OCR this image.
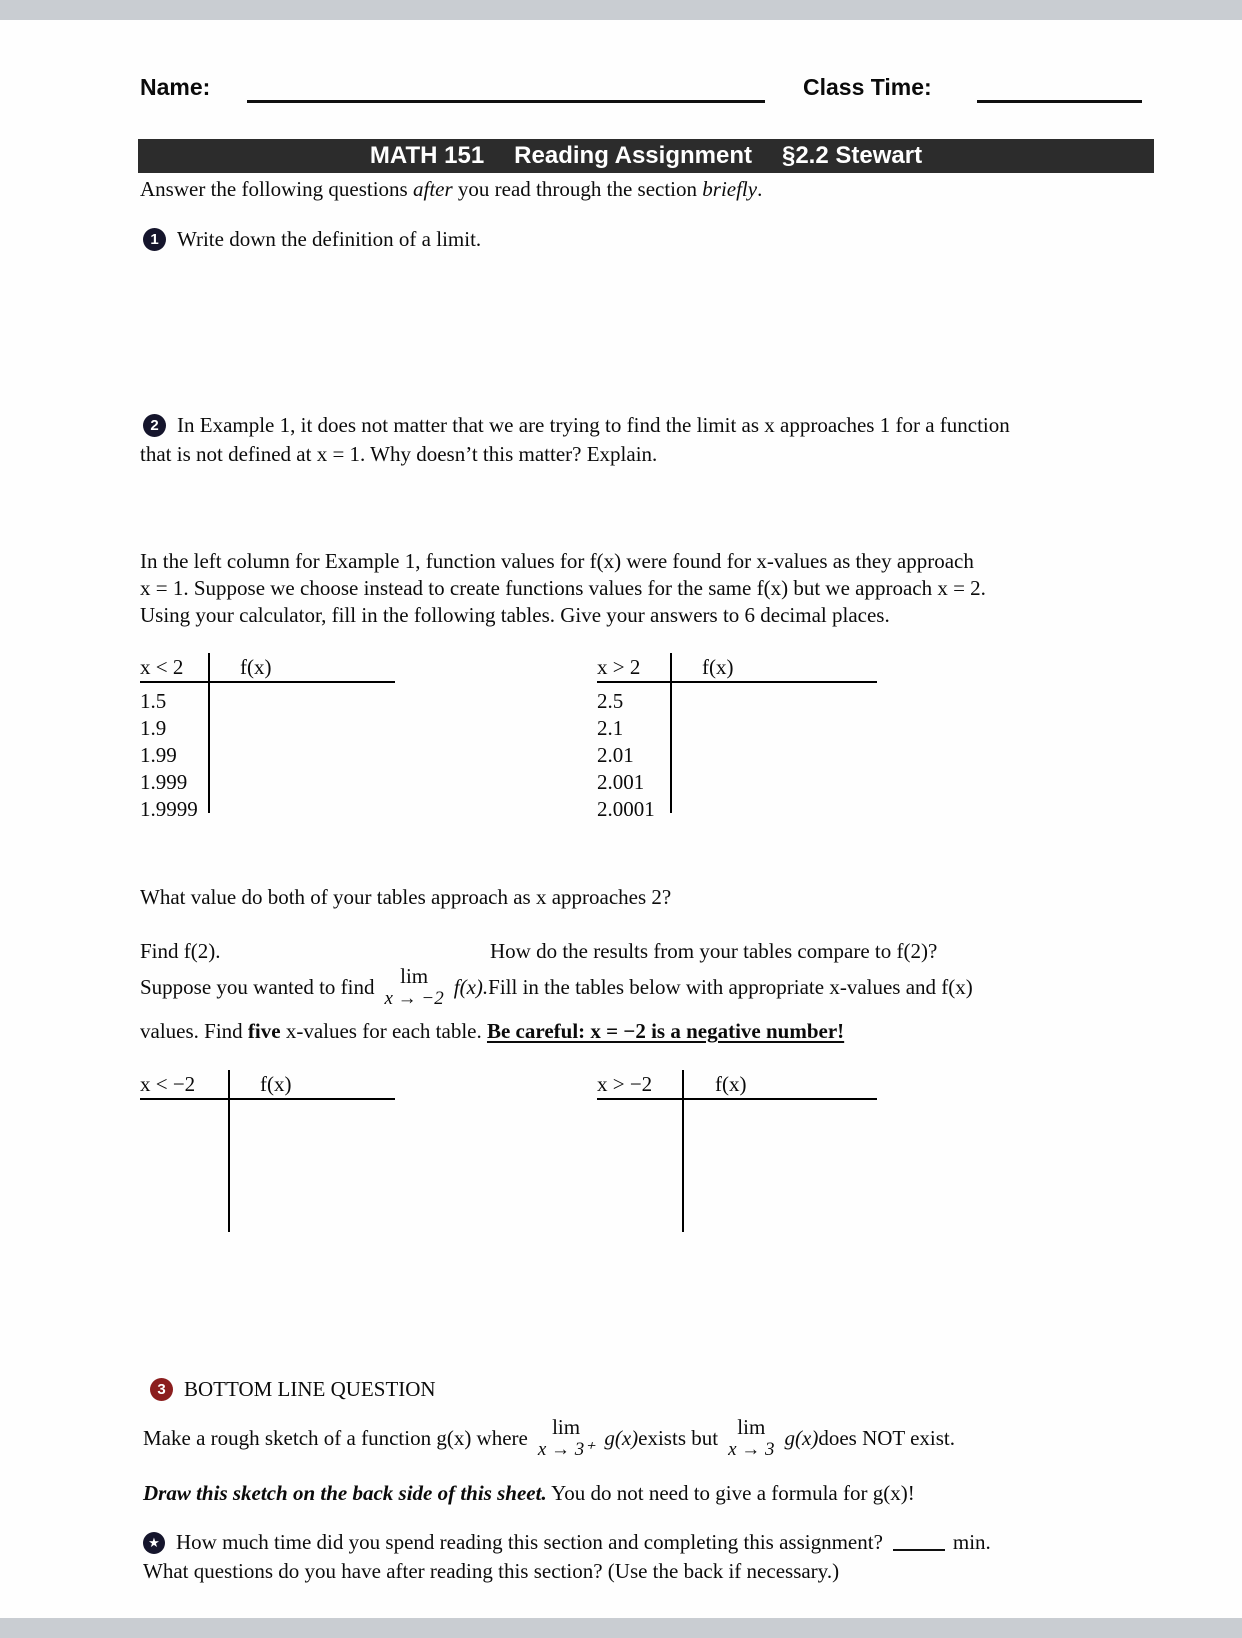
Name:	Class Time:
MATH 151 Reading Assignment §2.2 Stewart
Answer the following questions after you read through the section briefly.
1 Write down the definition of a limit.
2 In Example 1, it does not matter that we are trying to find the limit as x approaches 1 for a function
that is not defined at x = 1. Why doesn’t this matter? Explain.
In the left column for Example 1, function values for f(x) were found for x-values as they approach
x = 1. Suppose we choose instead to create functions values for the same f(x) but we approach x = 2.
Using your calculator, fill in the following tables. Give your answers to 6 decimal places.
x < 2	f(x)
1.5
1.9
1.99
1.999
1.9999
x > 2	f(x)
2.5
2.1
2.01
2.001
2.0001
What value do both of your tables approach as x approaches 2?
Find f(2).	How do the results from your tables compare to f(2)?
Suppose you wanted to find lim
x → −2
f(x). Fill in the tables below with appropriate x-values and f(x)
values. Find five x-values for each table. Be careful: x = −2 is a negative number!
x < −2	f(x)	x > −2	f(x)
3 BOTTOM LINE QUESTION
Make a rough sketch of a function g(x) where lim
x → 3⁺
g(x) exists but lim
x → 3
g(x) does NOT exist.
Draw this sketch on the back side of this sheet. You do not need to give a formula for g(x)!
★ How much time did you spend reading this section and completing this assignment?	min.
What questions do you have after reading this section? (Use the back if necessary.)
